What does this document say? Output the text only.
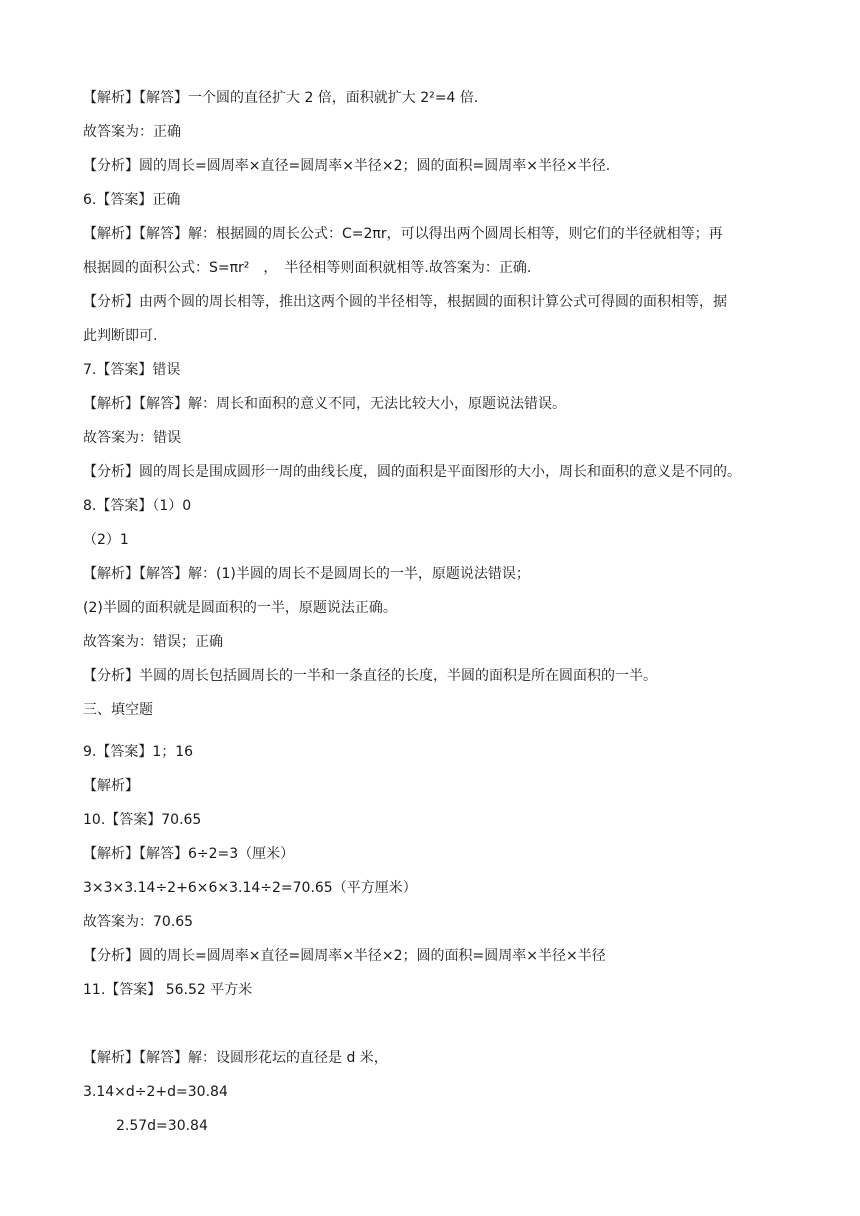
【解析】【解答】一个圆的直径扩大 2 倍，面积就扩大 2²=4 倍.
故答案为：正确
【分析】圆的周长=圆周率×直径=圆周率×半径×2；圆的面积=圆周率×半径×半径.
6.【答案】正确
【解析】【解答】解：根据圆的周长公式：C=2πr，可以得出两个圆周长相等，则它们的半径就相等；再
根据圆的面积公式：S=πr²　，　半径相等则面积就相等.故答案为：正确.
【分析】由两个圆的周长相等，推出这两个圆的半径相等，根据圆的面积计算公式可得圆的面积相等，据
此判断即可.
7.【答案】错误
【解析】【解答】解：周长和面积的意义不同，无法比较大小，原题说法错误。
故答案为：错误
【分析】圆的周长是围成圆形一周的曲线长度，圆的面积是平面图形的大小，周长和面积的意义是不同的。
8.【答案】（1）0
（2）1
【解析】【解答】解：(1)半圆的周长不是圆周长的一半，原题说法错误；
(2)半圆的面积就是圆面积的一半，原题说法正确。
故答案为：错误；正确
【分析】半圆的周长包括圆周长的一半和一条直径的长度，半圆的面积是所在圆面积的一半。
三、填空题
9.【答案】1；16
【解析】
10.【答案】70.65
【解析】【解答】6÷2=3（厘米）
3×3×3.14÷2+6×6×3.14÷2=70.65（平方厘米）
故答案为：70.65
【分析】圆的周长=圆周率×直径=圆周率×半径×2；圆的面积=圆周率×半径×半径
11.【答案】 56.52 平方米
【解析】【解答】解：设圆形花坛的直径是 d 米，
3.14×d÷2+d=30.84
2.57d=30.84
